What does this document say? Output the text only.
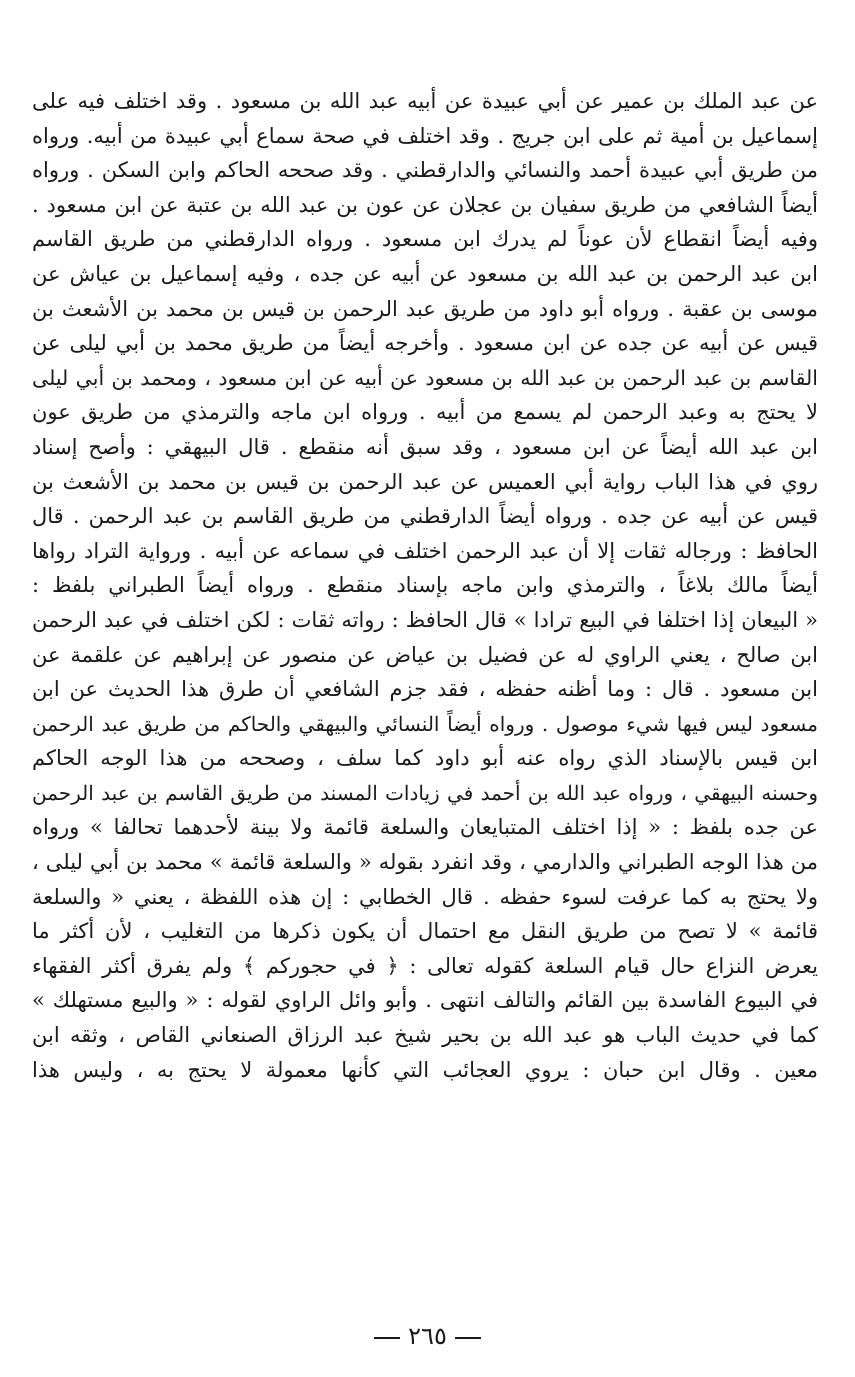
عن عبد الملك بن عمير عن أبي عبيدة عن أبيه عبد الله بن مسعود . وقد اختلف فيه على
إسماعيل بن أمية ثم على ابن جريج . وقد اختلف في صحة سماع أبي عبيدة من أبيه. ورواه
من طريق أبي عبيدة أحمد والنسائي والدارقطني . وقد صححه الحاكم وابن السكن . ورواه
أيضاً الشافعي من طريق سفيان بن عجلان عن عون بن عبد الله بن عتبة عن ابن مسعود .
وفيه أيضاً انقطاع لأن عوناً لم يدرك ابن مسعود . ورواه الدارقطني من طريق القاسم
ابن عبد الرحمن بن عبد الله بن مسعود عن أبيه عن جده ، وفيه إسماعيل بن عياش عن
موسى بن عقبة . ورواه أبو داود من طريق عبد الرحمن بن قيس بن محمد بن الأشعث بن
قيس عن أبيه عن جده عن ابن مسعود . وأخرجه أيضاً من طريق محمد بن أبي ليلى عن
القاسم بن عبد الرحمن بن عبد الله بن مسعود عن أبيه عن ابن مسعود ، ومحمد بن أبي ليلى
لا يحتج به وعبد الرحمن لم يسمع من أبيه . ورواه ابن ماجه والترمذي من طريق عون
ابن عبد الله أيضاً عن ابن مسعود ، وقد سبق أنه منقطع . قال البيهقي : وأصح إسناد
روي في هذا الباب رواية أبي العميس عن عبد الرحمن بن قيس بن محمد بن الأشعث بن
قيس عن أبيه عن جده . ورواه أيضاً الدارقطني من طريق القاسم بن عبد الرحمن . قال
الحافظ : ورجاله ثقات إلا أن عبد الرحمن اختلف في سماعه عن أبيه . ورواية التراد رواها
أيضاً مالك بلاغاً ، والترمذي وابن ماجه بإسناد منقطع . ورواه أيضاً الطبراني بلفظ :
« البيعان إذا اختلفا في البيع ترادا » قال الحافظ : رواته ثقات : لكن اختلف في عبد الرحمن
ابن صالح ، يعني الراوي له عن فضيل بن عياض عن منصور عن إبراهيم عن علقمة عن
ابن مسعود . قال : وما أظنه حفظه ، فقد جزم الشافعي أن طرق هذا الحديث عن ابن
مسعود ليس فيها شيء موصول . ورواه أيضاً النسائي والبيهقي والحاكم من طريق عبد الرحمن
ابن قيس بالإسناد الذي رواه عنه أبو داود كما سلف ، وصححه من هذا الوجه الحاكم
وحسنه البيهقي ، ورواه عبد الله بن أحمد في زيادات المسند من طريق القاسم بن عبد الرحمن
عن جده بلفظ : « إذا اختلف المتبايعان والسلعة قائمة ولا بينة لأحدهما تحالفا » ورواه
من هذا الوجه الطبراني والدارمي ، وقد انفرد بقوله « والسلعة قائمة » محمد بن أبي ليلى ،
ولا يحتج به كما عرفت لسوء حفظه . قال الخطابي : إن هذه اللفظة ، يعني « والسلعة
قائمة » لا تصح من طريق النقل مع احتمال أن يكون ذكرها من التغليب ، لأن أكثر ما
يعرض النزاع حال قيام السلعة كقوله تعالى : ﴿ في حجوركم ﴾ ولم يفرق أكثر الفقهاء
في البيوع الفاسدة بين القائم والتالف انتهى . وأبو وائل الراوي لقوله : « والبيع مستهلك »
كما في حديث الباب هو عبد الله بن بحير شيخ عبد الرزاق الصنعاني القاص ، وثقه ابن
معين . وقال ابن حبان : يروي العجائب التي كأنها معمولة لا يحتج به ، وليس هذا
٢٦٥
